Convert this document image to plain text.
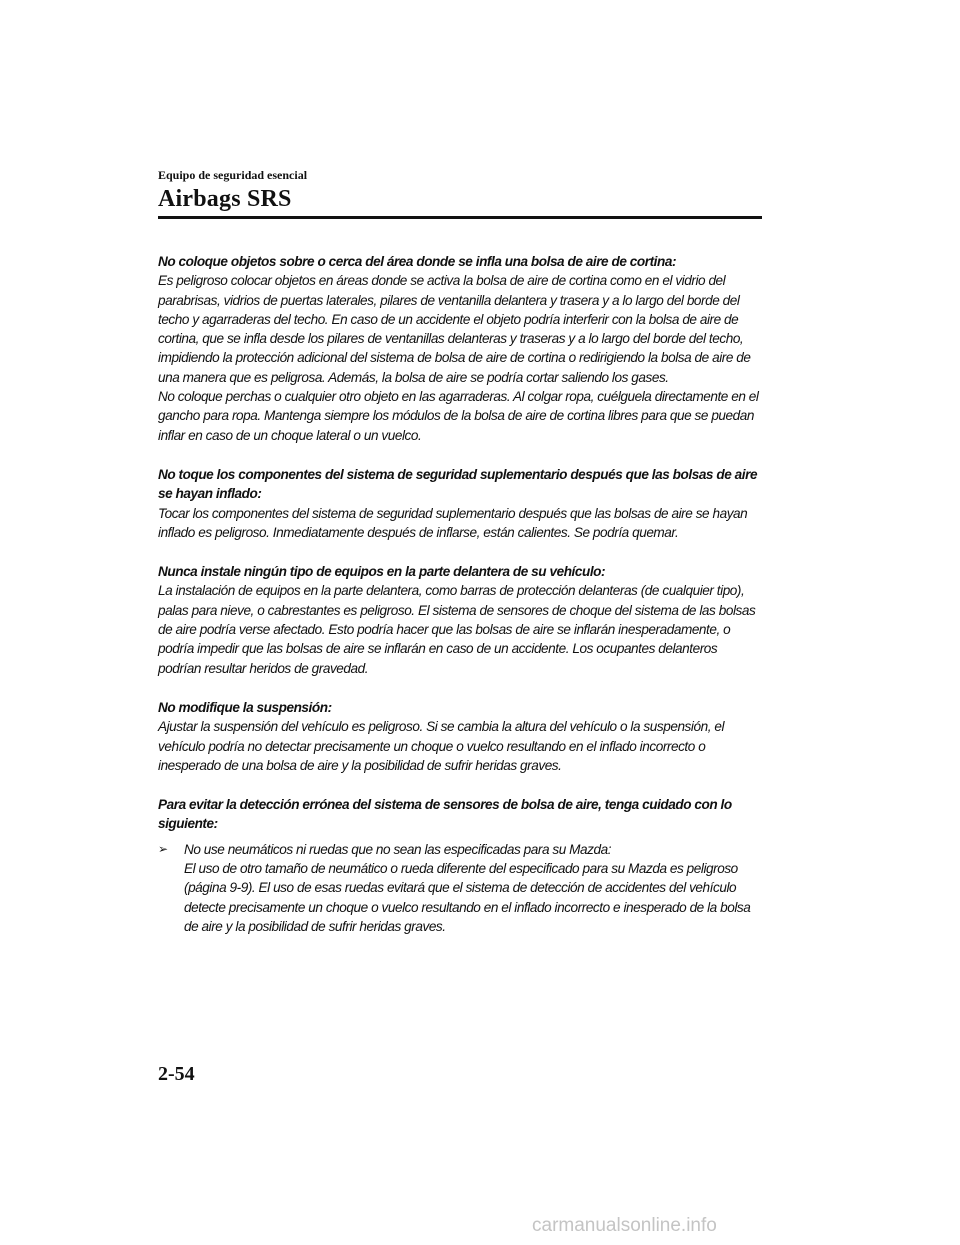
Equipo de seguridad esencial
Airbags SRS
No coloque objetos sobre o cerca del área donde se infla una bolsa de aire de cortina:
Es peligroso colocar objetos en áreas donde se activa la bolsa de aire de cortina como en el vidrio del parabrisas, vidrios de puertas laterales, pilares de ventanilla delantera y trasera y a lo largo del borde del techo y agarraderas del techo. En caso de un accidente el objeto podría interferir con la bolsa de aire de cortina, que se infla desde los pilares de ventanillas delanteras y traseras y a lo largo del borde del techo, impidiendo la protección adicional del sistema de bolsa de aire de cortina o redirigiendo la bolsa de aire de una manera que es peligrosa. Además, la bolsa de aire se podría cortar saliendo los gases.
No coloque perchas o cualquier otro objeto en las agarraderas. Al colgar ropa, cuélguela directamente en el gancho para ropa. Mantenga siempre los módulos de la bolsa de aire de cortina libres para que se puedan inflar en caso de un choque lateral o un vuelco.
No toque los componentes del sistema de seguridad suplementario después que las bolsas de aire se hayan inflado:
Tocar los componentes del sistema de seguridad suplementario después que las bolsas de aire se hayan inflado es peligroso. Inmediatamente después de inflarse, están calientes. Se podría quemar.
Nunca instale ningún tipo de equipos en la parte delantera de su vehículo:
La instalación de equipos en la parte delantera, como barras de protección delanteras (de cualquier tipo), palas para nieve, o cabrestantes es peligroso. El sistema de sensores de choque del sistema de las bolsas de aire podría verse afectado. Esto podría hacer que las bolsas de aire se inflarán inesperadamente, o podría impedir que las bolsas de aire se inflarán en caso de un accidente. Los ocupantes delanteros podrían resultar heridos de gravedad.
No modifique la suspensión:
Ajustar la suspensión del vehículo es peligroso. Si se cambia la altura del vehículo o la suspensión, el vehículo podría no detectar precisamente un choque o vuelco resultando en el inflado incorrecto o inesperado de una bolsa de aire y la posibilidad de sufrir heridas graves.
Para evitar la detección errónea del sistema de sensores de bolsa de aire, tenga cuidado con lo siguiente:
➢	No use neumáticos ni ruedas que no sean las especificadas para su Mazda:
El uso de otro tamaño de neumático o rueda diferente del especificado para su Mazda es peligroso (página 9-9). El uso de esas ruedas evitará que el sistema de detección de accidentes del vehículo detecte precisamente un choque o vuelco resultando en el inflado incorrecto e inesperado de la bolsa de aire y la posibilidad de sufrir heridas graves.
2-54
carmanualsonline.info
